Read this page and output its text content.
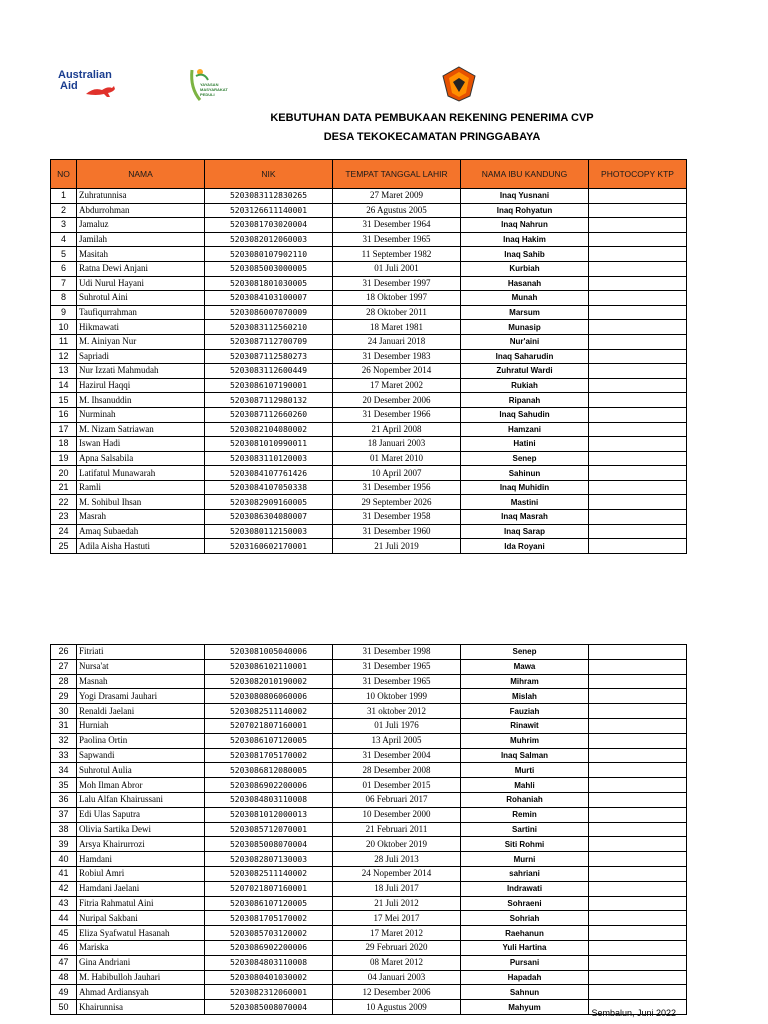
Australian
Aid	YAYASAN MASYARAKAT PEDULI
KEBUTUHAN DATA PEMBUKAAN REKENING PENERIMA CVP
DESA TEKOKECAMATAN PRINGGABAYA
NO	NAMA	NIK	TEMPAT TANGGAL LAHIR	NAMA IBU KANDUNG	PHOTOCOPY KTP
1	Zuhratunnisa	5203083112830265	27 Maret 2009	Inaq Yusnani	
2	Abdurrohman	5203126611140001	26 Agustus 2005	Inaq Rohyatun	
3	Jamaluz	5203081703020004	31 Desember 1964	Inaq Nahrun	
4	Jamilah	5203082012060003	31 Desember 1965	Inaq Hakim	
5	Masitah	5203080107902110	11 September 1982	Inaq Sahib	
6	Ratna Dewi Anjani	5203085003000005	01 Juli 2001	Kurbiah	
7	Udi Nurul Hayani	5203081801030005	31 Desember 1997	Hasanah	
8	Suhrotul Aini	5203084103100007	18 Oktober 1997	Munah	
9	Taufiqurrahman	5203086007070009	28 Oktober 2011	Marsum	
10	Hikmawati	5203083112560210	18 Maret 1981	Munasip	
11	M. Ainiyan Nur	5203087112700709	24 Januari 2018	Nur'aini	
12	Sapriadi	5203087112580273	31 Desember 1983	Inaq Saharudin	
13	Nur Izzati Mahmudah	5203083112600449	26 Nopember 2014	Zuhratul Wardi	
14	Hazirul Haqqi	5203086107190001	17 Maret 2002	Rukiah	
15	M. Ihsanuddin	5203087112980132	20 Desember 2006	Ripanah	
16	Nurminah	5203087112660260	31 Desember 1966	Inaq Sahudin	
17	M. Nizam Satriawan	5203082104080002	21 April 2008	Hamzani	
18	Iswan Hadi	5203081010990011	18 Januari 2003	Hatini	
19	Apna Salsabila	5203083110120003	01 Maret 2010	Senep	
20	Latifatul Munawarah	5203084107761426	10 April 2007	Sahinun	
21	Ramli	5203084107050338	31 Desember 1956	Inaq Muhidin	
22	M. Sohibul Ihsan	5203082909160005	29 September 2026	Mastini	
23	Masrah	5203086304080007	31 Desember 1958	Inaq Masrah	
24	Amaq Subaedah	5203080112150003	31 Desember 1960	Inaq Sarap	
25	Adila Aisha Hastuti	5203160602170001	21 Juli 2019	Ida Royani	
26	Fitriati	5203081005040006	31 Desember 1998	Senep	
27	Nursa'at	5203086102110001	31 Desember 1965	Mawa	
28	Masnah	5203082010190002	31 Desember 1965	Mihram	
29	Yogi Drasami Jauhari	5203080806060006	10 Oktober 1999	Mislah	
30	Renaldi Jaelani	5203082511140002	31 oktober 2012	Fauziah	
31	Hurniah	5207021807160001	01 Juli 1976	Rinawit	
32	Paolina Ortin	5203086107120005	13 April 2005	Muhrim	
33	Sapwandi	5203081705170002	31 Desember 2004	Inaq Salman	
34	Suhrotul Aulia	5203086812080005	28 Desember 2008	Murti	
35	Moh Ilman Abror	5203086902200006	01 Desember 2015	Mahli	
36	Lalu Alfan Khairussani	5203084803110008	06 Februari 2017	Rohaniah	
37	Edi Ulas Saputra	5203081012000013	10 Desember 2000	Remin	
38	Olivia Sartika Dewi	5203085712070001	21 Februari 2011	Sartini	
39	Arsya Khairurrozi	5203085008070004	20 Oktober 2019	Siti Rohmi	
40	Hamdani	5203082807130003	28 Juli 2013	Murni	
41	Robiul Amri	5203082511140002	24 Nopember 2014	sahriani	
42	Hamdani Jaelani	5207021807160001	18 Juli 2017	Indrawati	
43	Fitria Rahmatul Aini	5203086107120005	21 Juli 2012	Sohraeni	
44	Nuripal Sakbani	5203081705170002	17 Mei 2017	Sohriah	
45	Eliza Syafwatul Hasanah	5203085703120002	17 Maret 2012	Raehanun	
46	Mariska	5203086902200006	29 Februari 2020	Yuli Hartina	
47	Gina Andriani	5203084803110008	08 Maret 2012	Pursani	
48	M. Habibulloh Jauhari	5203080401030002	04 Januari 2003	Hapadah	
49	Ahmad Ardiansyah	5203082312060001	12 Desember 2006	Sahnun	
50	Khairunnisa	5203085008070004	10 Agustus 2009	Mahyum	
Sembalun, Juni 2022
